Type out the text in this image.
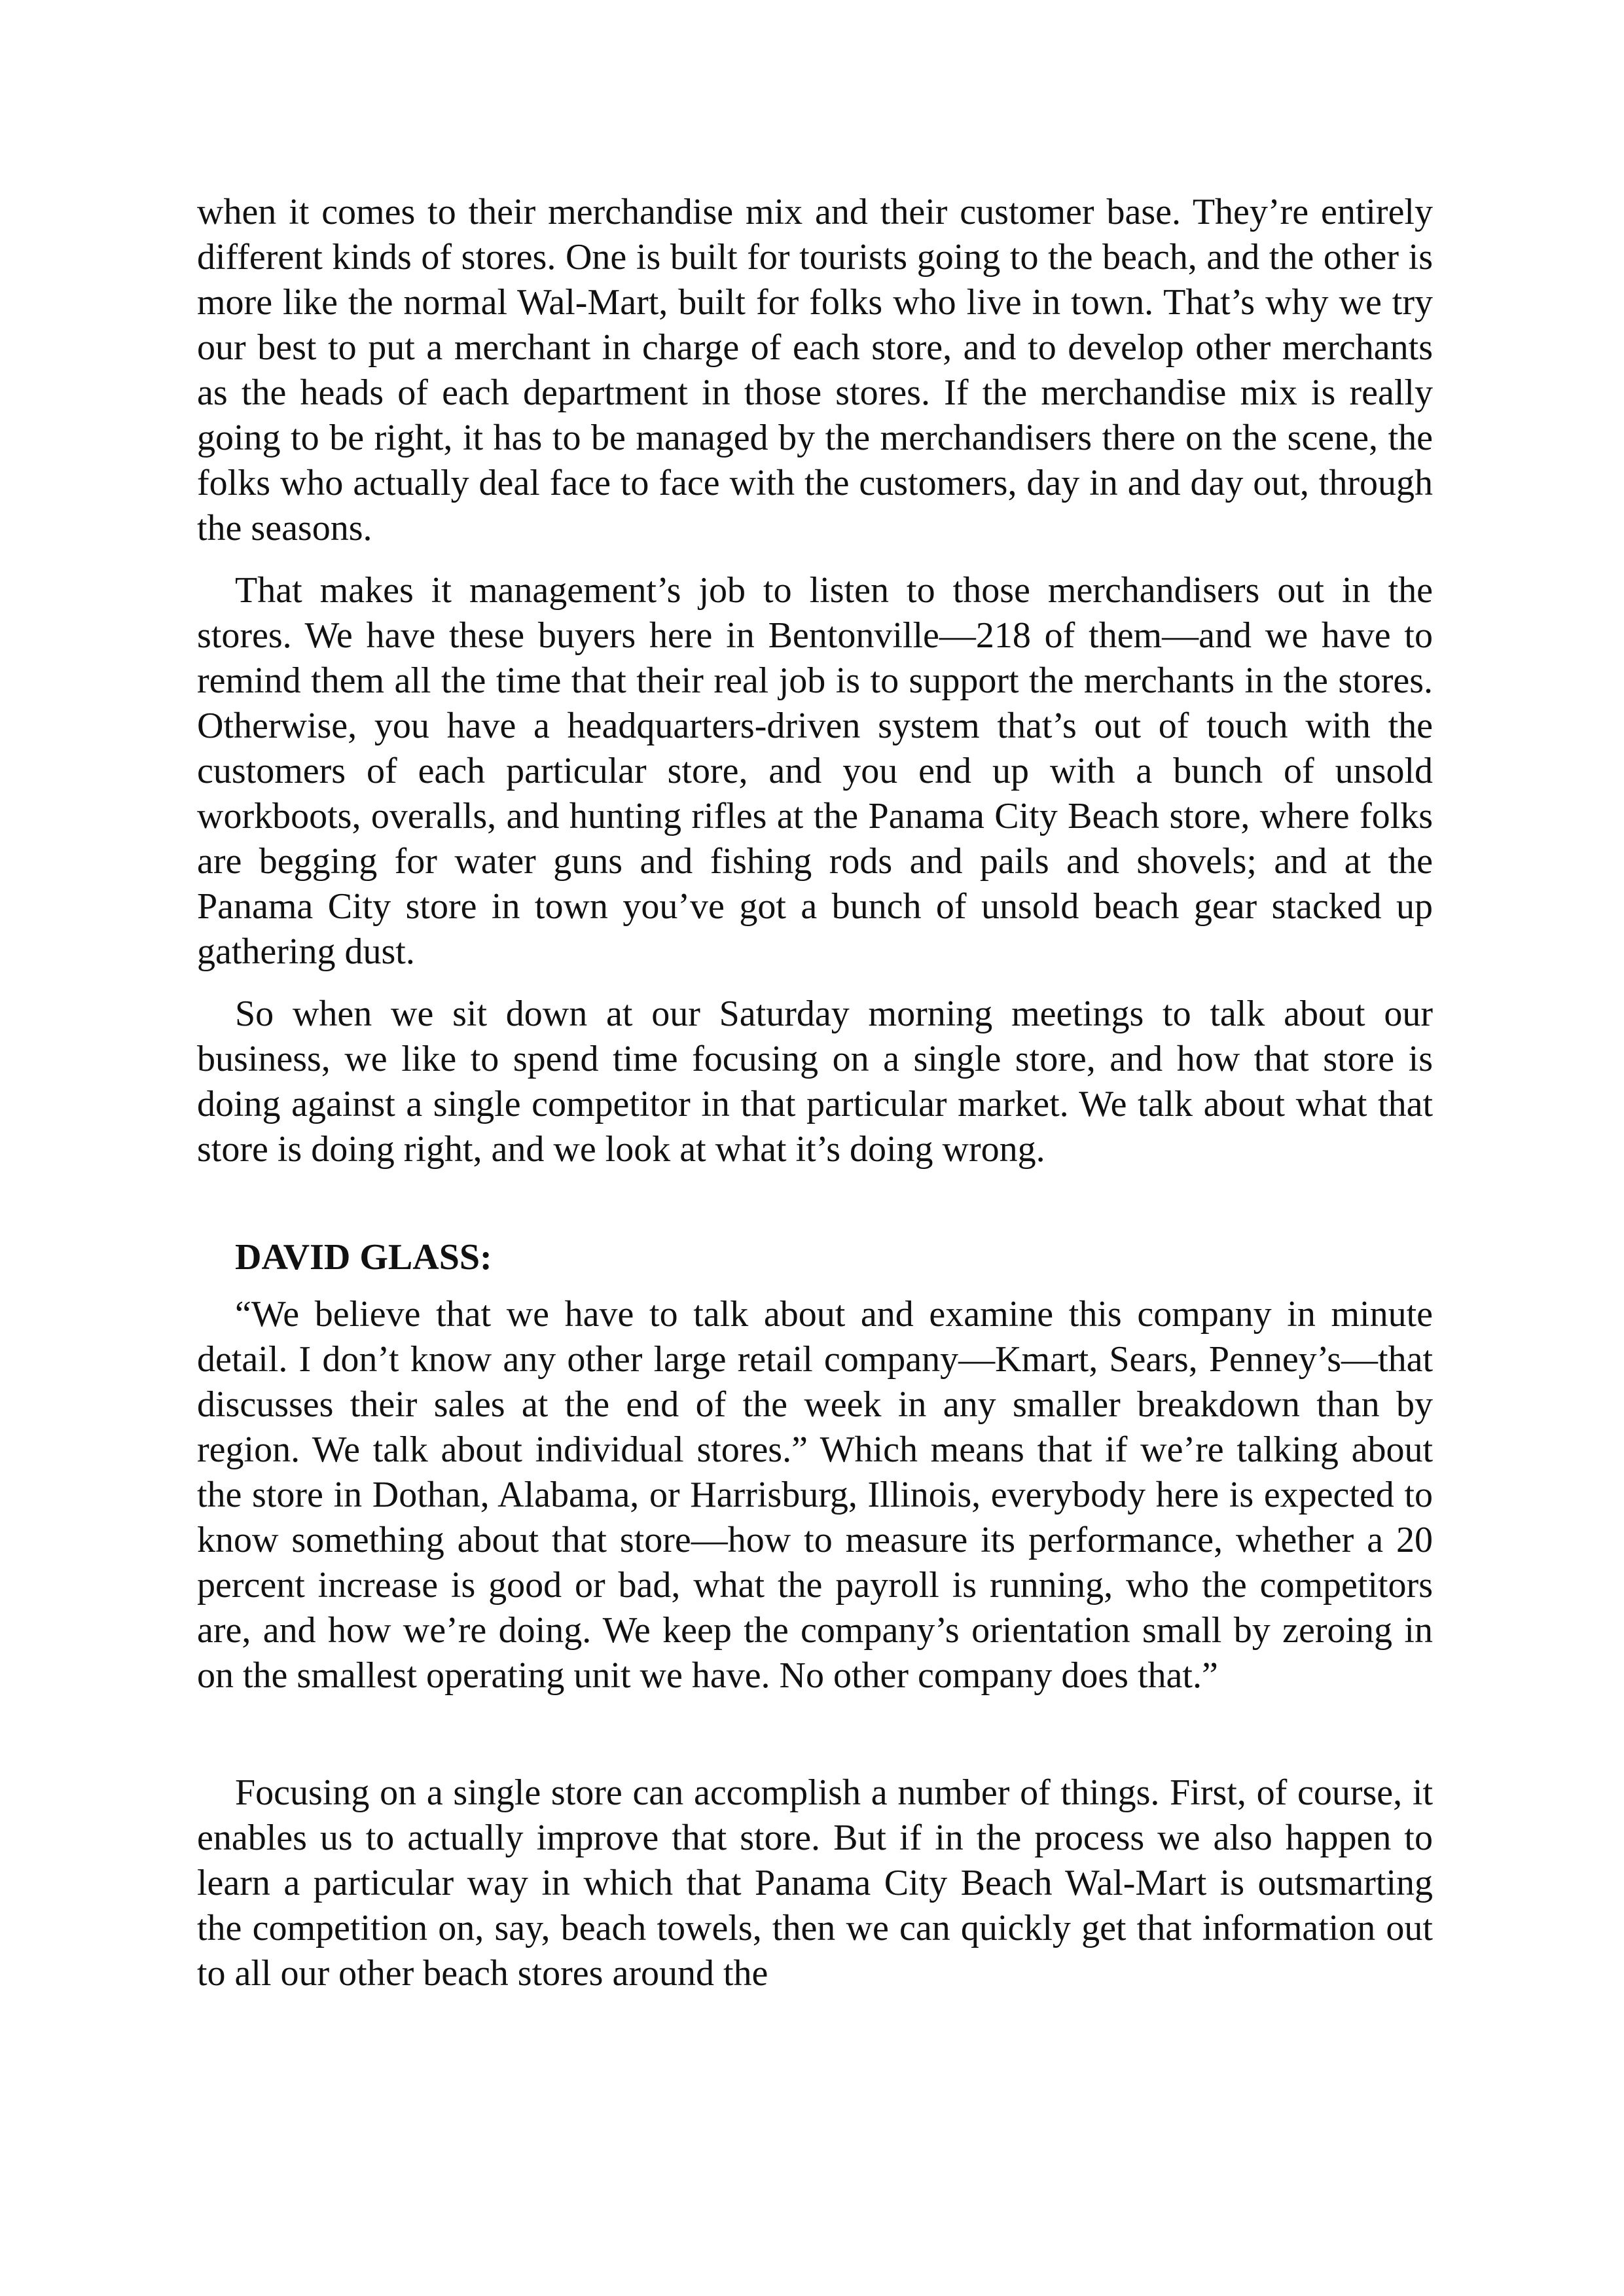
when it comes to their merchandise mix and their customer base. They’re entirely different kinds of stores. One is built for tourists going to the beach, and the other is more like the normal Wal-Mart, built for folks who live in town. That’s why we try our best to put a merchant in charge of each store, and to develop other merchants as the heads of each department in those stores. If the merchandise mix is really going to be right, it has to be managed by the merchandisers there on the scene, the folks who actually deal face to face with the customers, day in and day out, through the seasons.

That makes it management’s job to listen to those merchandisers out in the stores. We have these buyers here in Bentonville—218 of them—and we have to remind them all the time that their real job is to support the merchants in the stores. Otherwise, you have a headquarters-driven system that’s out of touch with the customers of each particular store, and you end up with a bunch of unsold workboots, overalls, and hunting rifles at the Panama City Beach store, where folks are begging for water guns and fishing rods and pails and shovels; and at the Panama City store in town you’ve got a bunch of unsold beach gear stacked up gathering dust.

So when we sit down at our Saturday morning meetings to talk about our business, we like to spend time focusing on a single store, and how that store is doing against a single competitor in that particular market. We talk about what that store is doing right, and we look at what it’s doing wrong.

DAVID GLASS:

“We believe that we have to talk about and examine this company in minute detail. I don’t know any other large retail company—Kmart, Sears, Penney’s—that discusses their sales at the end of the week in any smaller breakdown than by region. We talk about individual stores.” Which means that if we’re talking about the store in Dothan, Alabama, or Harrisburg, Illinois, everybody here is expected to know something about that store—how to measure its performance, whether a 20 percent increase is good or bad, what the payroll is running, who the competitors are, and how we’re doing. We keep the company’s orientation small by zeroing in on the smallest operating unit we have. No other company does that.”

Focusing on a single store can accomplish a number of things. First, of course, it enables us to actually improve that store. But if in the process we also happen to learn a particular way in which that Panama City Beach Wal-Mart is outsmarting the competition on, say, beach towels, then we can quickly get that information out to all our other beach stores around the
